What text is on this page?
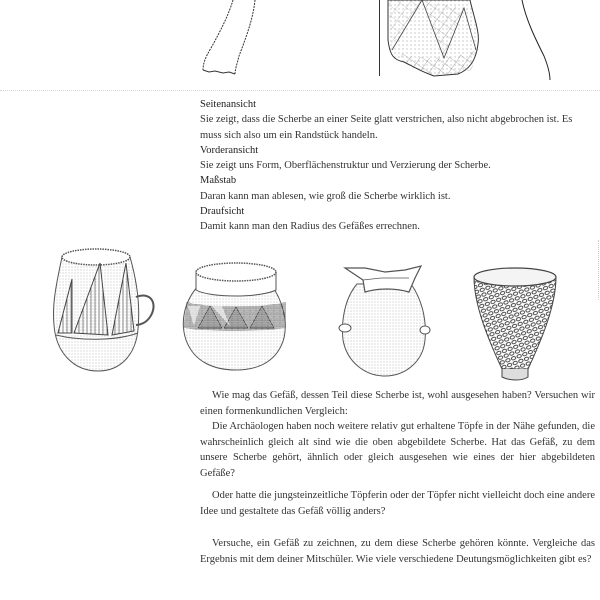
Seitenansicht
Sie zeigt, dass die Scherbe an einer Seite glatt verstrichen, also nicht abgebrochen ist. Es muss sich also um ein Randstück handeln.
Vorderansicht
Sie zeigt uns Form, Oberflächenstruktur und Verzierung der Scherbe.
Maßstab
Daran kann man ablesen, wie groß die Scherbe wirklich ist.
Draufsicht
Damit kann man den Radius des Gefäßes errechnen.

Wie mag das Gefäß, dessen Teil diese Scherbe ist, wohl ausgesehen haben? Versuchen wir einen formenkundlichen Vergleich:

Die Archäologen haben noch weitere relativ gut erhaltene Töpfe in der Nähe gefunden, die wahrscheinlich gleich alt sind wie die oben abgebildete Scherbe. Hat das Gefäß, zu dem unsere Scherbe gehört, ähnlich oder gleich ausgesehen wie eines der hier abgebildeten Gefäße?

Oder hatte die jungsteinzeitliche Töpferin oder der Töpfer nicht vielleicht doch eine andere Idee und gestaltete das Gefäß völlig anders?

Versuche, ein Gefäß zu zeichnen, zu dem diese Scherbe gehören könnte. Vergleiche das Ergebnis mit dem deiner Mitschüler. Wie viele verschiedene Deutungsmöglichkeiten gibt es?
